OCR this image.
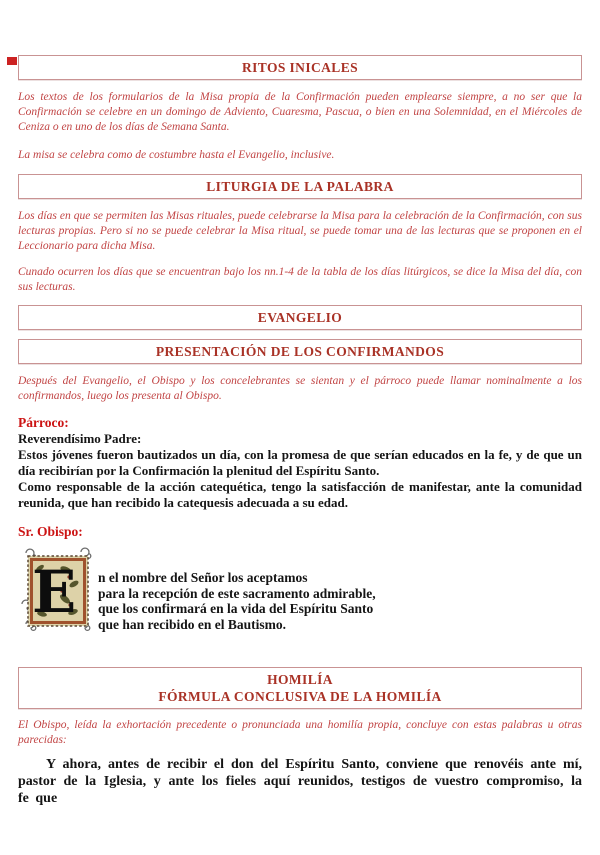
RITOS INICALES

Los textos de los formularios de la Misa propia de la Confirmación pueden emplearse siempre, a no ser que la Confirmación se celebre en un domingo de Adviento, Cuaresma, Pascua, o bien en una Solemnidad, en el Miércoles de Ceniza o en uno de los días de Semana Santa.

La misa se celebra como de costumbre hasta el Evangelio, inclusive.

LITURGIA DE LA PALABRA

Los días en que se permiten las Misas rituales, puede celebrarse la Misa para la celebración de la Confirmación, con sus lecturas propias. Pero si no se puede celebrar la Misa ritual, se puede tomar una de las lecturas que se proponen en el Leccionario para dicha Misa.

Cunado ocurren los días que se encuentran bajo los nn.1-4 de la tabla de los días litúrgicos, se dice la Misa del día, con sus lecturas.

EVANGELIO
PRESENTACIÓN DE LOS CONFIRMANDOS

Después del Evangelio, el Obispo y los concelebrantes se sientan y el párroco puede llamar nominalmente a los confirmandos, luego los presenta al Obispo.

Párroco:
Reverendísimo Padre:

Estos jóvenes fueron bautizados un día, con la promesa de que serían educados en la fe, y de que un día recibirían por la Confirmación la plenitud del Espíritu Santo.

Como responsable de la acción catequética, tengo la satisfacción de manifestar, ante la comunidad reunida, que han recibido la catequesis adecuada a su edad.

Sr. Obispo:
E n el nombre del Señor los aceptamos
para la recepción de este sacramento admirable,
que los confirmará en la vida del Espíritu Santo
que han recibido en el Bautismo.
HOMILÍA
FÓRMULA CONCLUSIVA DE LA HOMILÍA

El Obispo, leída la exhortación precedente o pronunciada una homilía propia, concluye con estas palabras u otras parecidas:

Y ahora, antes de recibir el don del Espíritu Santo, conviene que renovéis ante mí, pastor de la Iglesia, y ante los fieles aquí reunidos, testigos de vuestro compromiso, la fe que
